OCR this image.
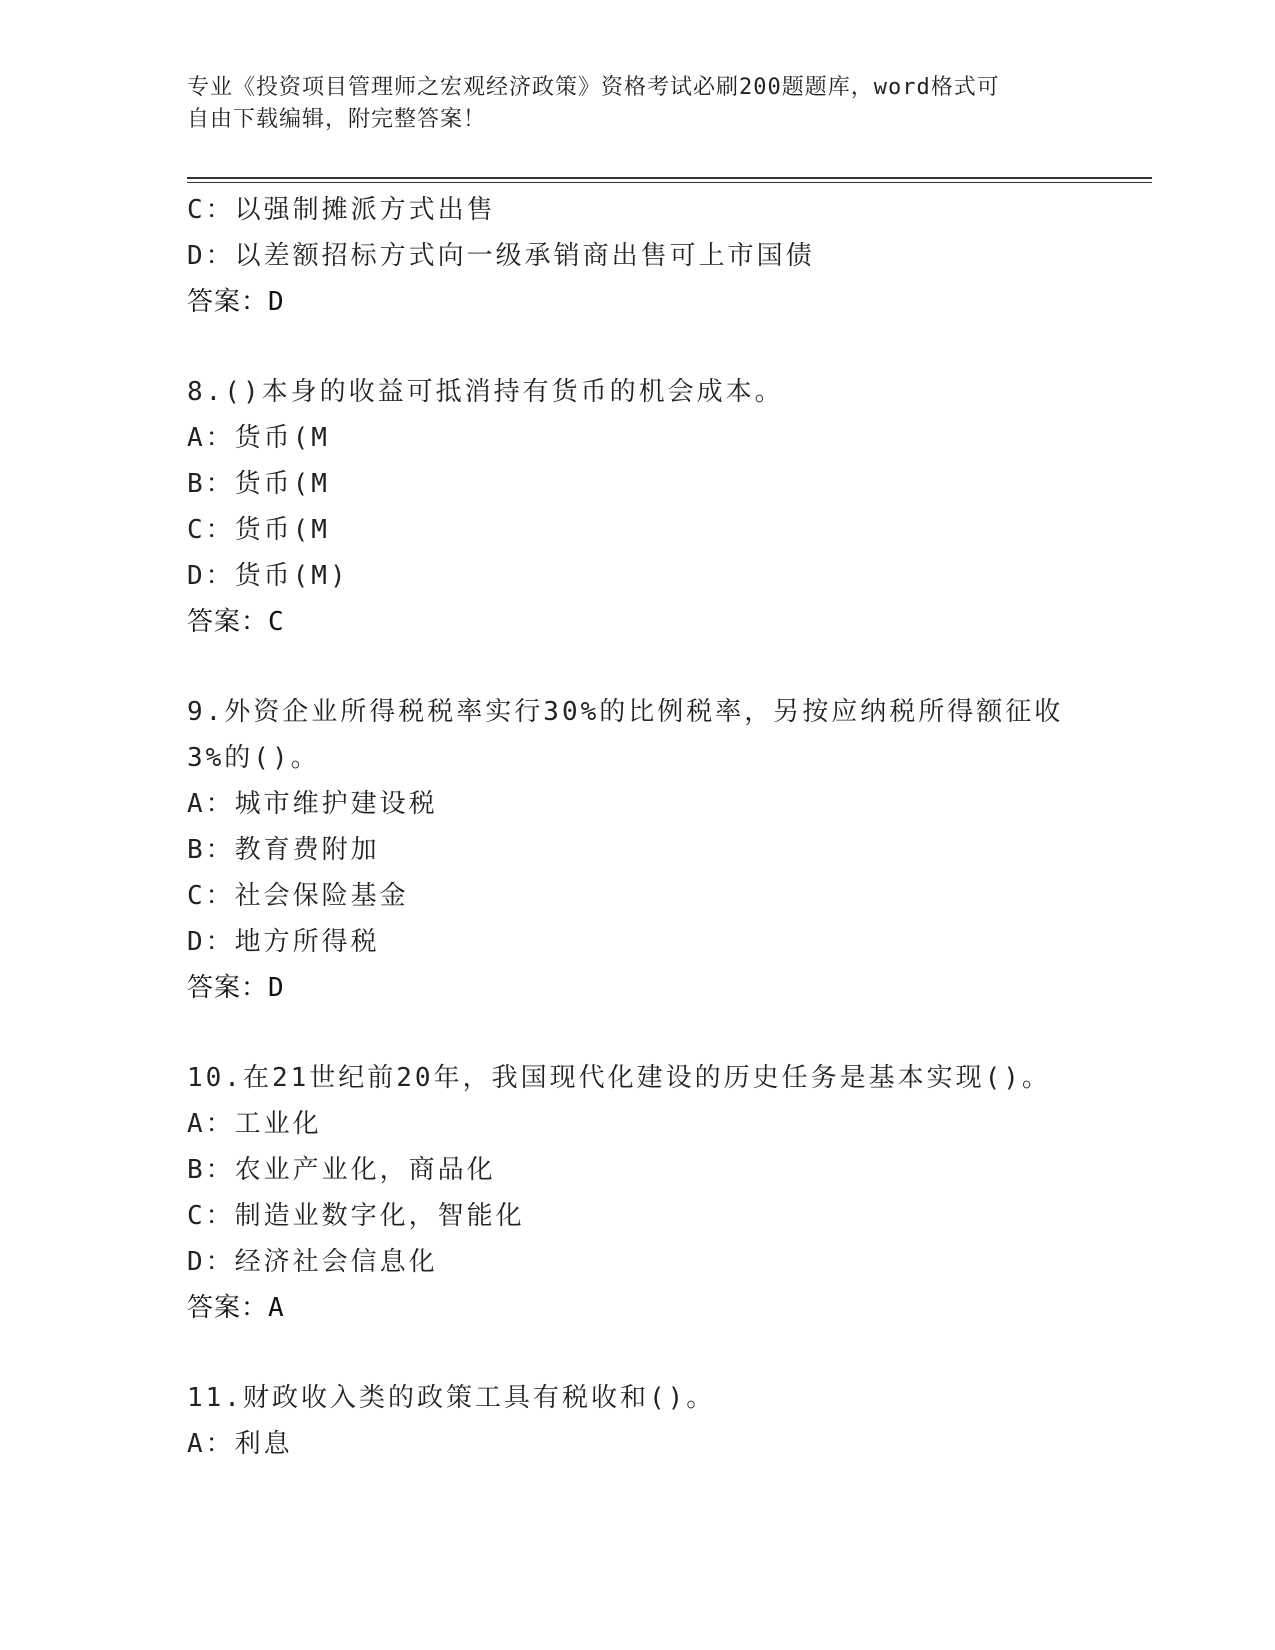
专业《投资项目管理师之宏观经济政策》资格考试必刷200题题库，word格式可
自由下载编辑，附完整答案！
C：以强制摊派方式出售
D：以差额招标方式向一级承销商出售可上市国债
答案：D
8.()本身的收益可抵消持有货币的机会成本。
A：货币(M
B：货币(M
C：货币(M
D：货币(M)
答案：C
9.外资企业所得税税率实行30%的比例税率，另按应纳税所得额征收
3%的()。
A：城市维护建设税
B：教育费附加
C：社会保险基金
D：地方所得税
答案：D
10.在21世纪前20年，我国现代化建设的历史任务是基本实现()。
A：工业化
B：农业产业化，商品化
C：制造业数字化，智能化
D：经济社会信息化
答案：A
11.财政收入类的政策工具有税收和()。
A：利息
